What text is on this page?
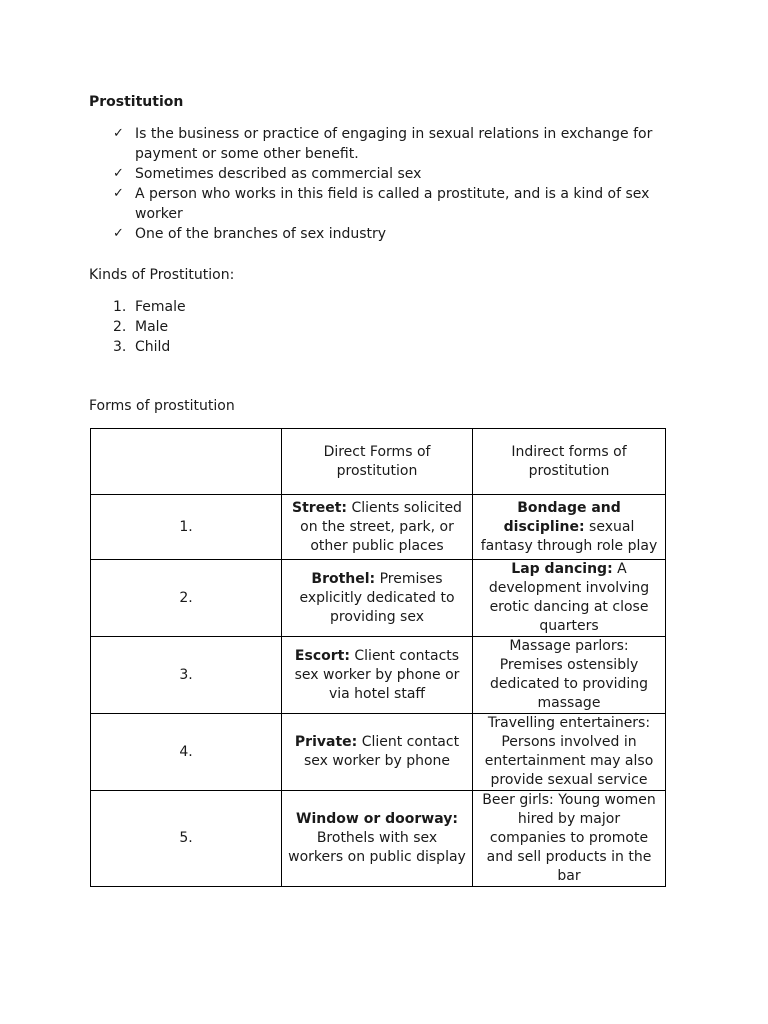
Prostitution
✓ Is the business or practice of engaging in sexual relations in exchange for payment or some other benefit.
✓ Sometimes described as commercial sex
✓ A person who works in this field is called a prostitute, and is a kind of sex worker
✓ One of the branches of sex industry
Kinds of Prostitution:
1. Female
2. Male
3. Child
Forms of prostitution
	Direct Forms of prostitution	Indirect forms of prostitution
1.	Street: Clients solicited on the street, park, or other public places	Bondage and discipline: sexual fantasy through role play
2.	Brothel: Premises explicitly dedicated to providing sex	Lap dancing: A development involving erotic dancing at close quarters
3.	Escort: Client contacts sex worker by phone or via hotel staff	Massage parlors: Premises ostensibly dedicated to providing massage
4.	Private: Client contact sex worker by phone	Travelling entertainers: Persons involved in entertainment may also provide sexual service
5.	Window or doorway: Brothels with sex workers on public display	Beer girls: Young women hired by major companies to promote and sell products in the bar
